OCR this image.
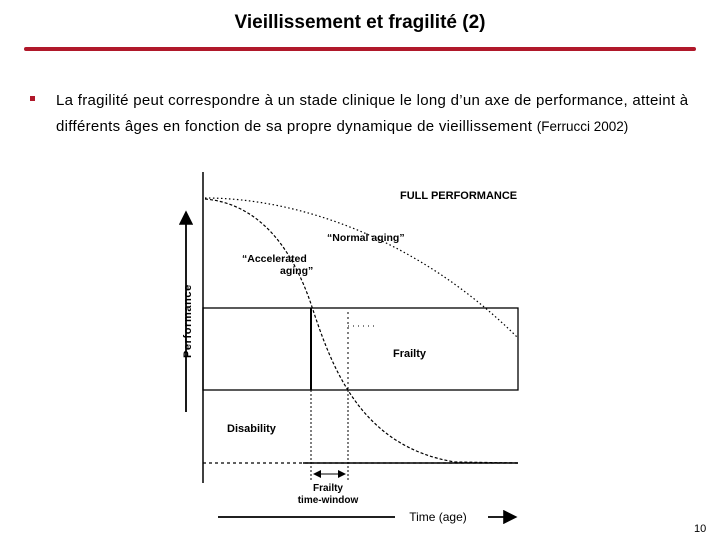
Vieillissement et fragilité (2)
La fragilité peut correspondre à un stade clinique le long d’un axe de performance, atteint à différents âges en fonction de sa propre dynamique de vieillissement (Ferrucci 2002)
FULL PERFORMANCE
“Normal aging”
“Accelerated
aging”
Frailty
Disability
Frailty
time-window
Performance
Time (age)
10
